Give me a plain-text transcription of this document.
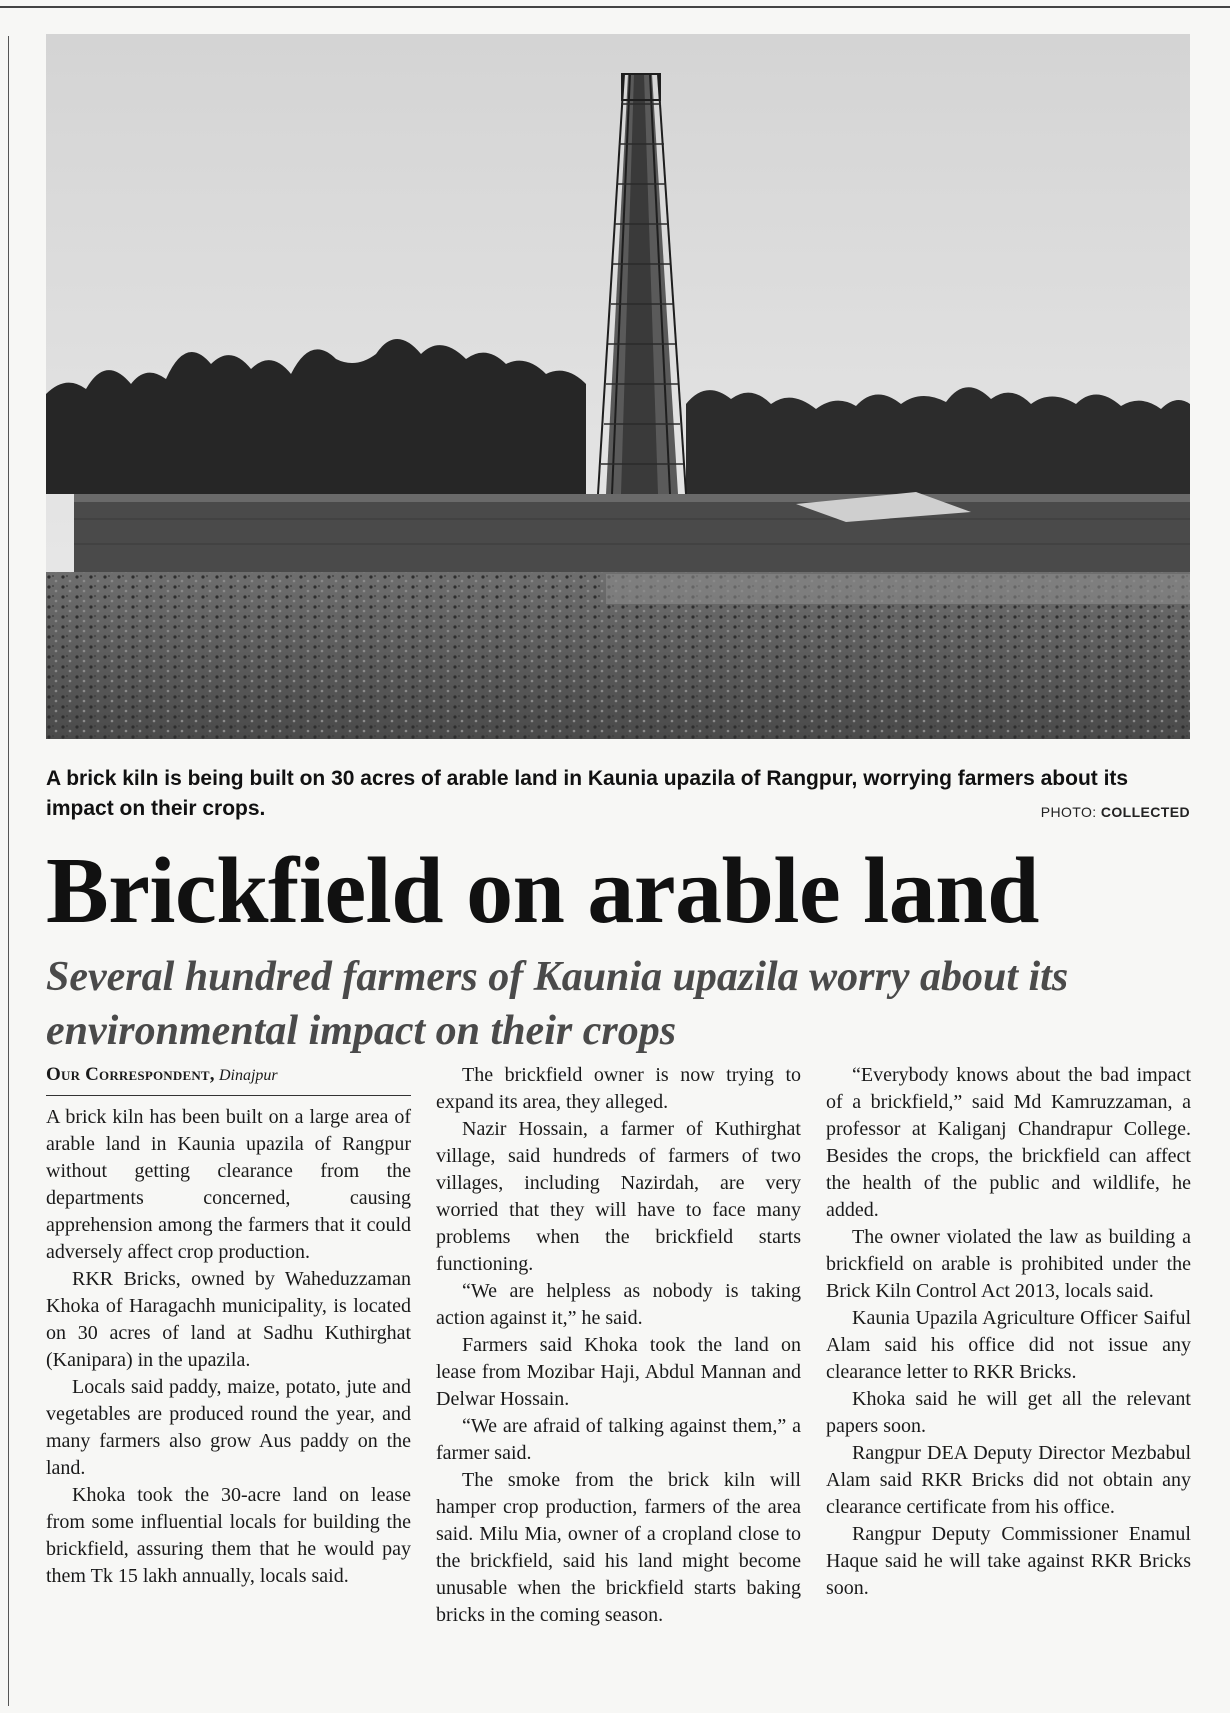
A brick kiln is being built on 30 acres of arable land in Kaunia upazila of Rangpur, worrying farmers about its impact on their crops.	PHOTO: COLLECTED
Brickfield on arable land
Several hundred farmers of Kaunia upazila worry about its environmental impact on their crops
Our Correspondent, Dinajpur

A brick kiln has been built on a large area of arable land in Kaunia upazila of Rangpur without getting clearance from the departments concerned, causing apprehension among the farmers that it could adversely affect crop production.

RKR Bricks, owned by Waheduzzaman Khoka of Haragachh municipality, is located on 30 acres of land at Sadhu Kuthirghat (Kanipara) in the upazila.

Locals said paddy, maize, potato, jute and vegetables are produced round the year, and many farmers also grow Aus paddy on the land.

Khoka took the 30-acre land on lease from some influential locals for building the brickfield, assuring them that he would pay them Tk 15 lakh annually, locals said.

The brickfield owner is now trying to expand its area, they alleged.

Nazir Hossain, a farmer of Kuthirghat village, said hundreds of farmers of two villages, including Nazirdah, are very worried that they will have to face many problems when the brickfield starts functioning.

“We are helpless as nobody is taking action against it,” he said.

Farmers said Khoka took the land on lease from Mozibar Haji, Abdul Mannan and Delwar Hossain.

“We are afraid of talking against them,” a farmer said.

The smoke from the brick kiln will hamper crop production, farmers of the area said. Milu Mia, owner of a cropland close to the brickfield, said his land might become unusable when the brickfield starts baking bricks in the coming season.

“Everybody knows about the bad impact of a brickfield,” said Md Kamruzzaman, a professor at Kaliganj Chandrapur College. Besides the crops, the brickfield can affect the health of the public and wildlife, he added.

The owner violated the law as building a brickfield on arable is prohibited under the Brick Kiln Control Act 2013, locals said.

Kaunia Upazila Agriculture Officer Saiful Alam said his office did not issue any clearance letter to RKR Bricks.

Khoka said he will get all the relevant papers soon.

Rangpur DEA Deputy Director Mezbabul Alam said RKR Bricks did not obtain any clearance certificate from his office.

Rangpur Deputy Commissioner Enamul Haque said he will take against RKR Bricks soon.
